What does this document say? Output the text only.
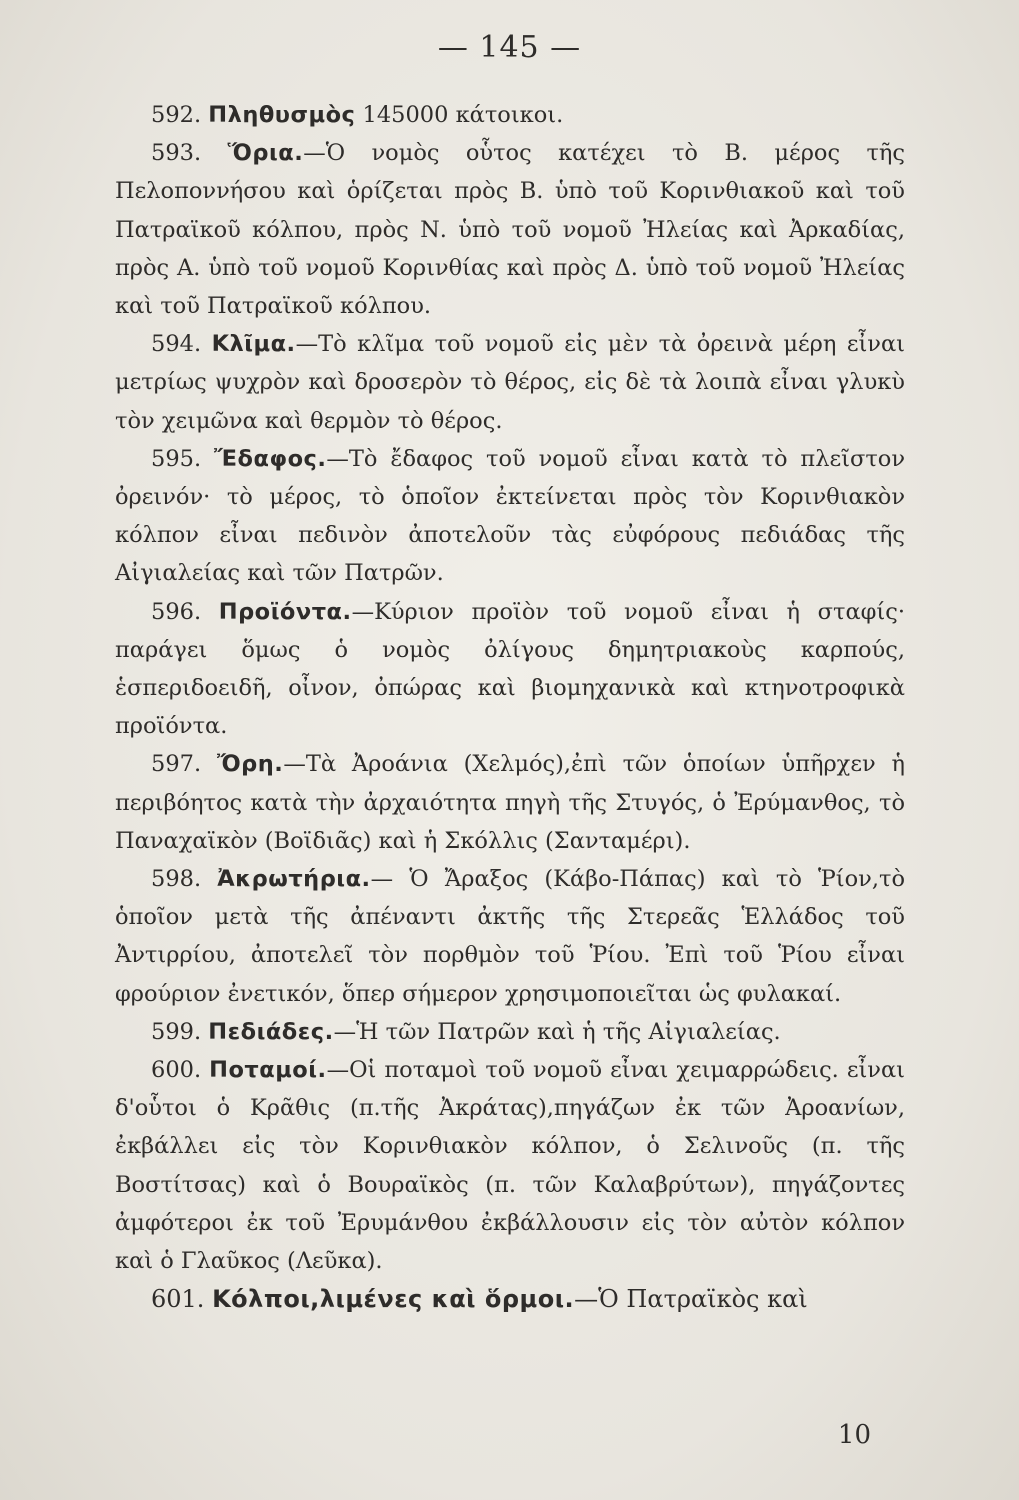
— 145 —

592. Πληθυσμὸς 145000 κάτοικοι.

593. Ὅρια.—Ὁ νομὸς οὗτος κατέχει τὸ Β. μέρος τῆς Πελοποννήσου καὶ ὁρίζεται πρὸς Β. ὑπὸ τοῦ Κορινθιακοῦ καὶ τοῦ Πατραϊκοῦ κόλπου, πρὸς Ν. ὑπὸ τοῦ νομοῦ Ἠλείας καὶ Ἀρκαδίας, πρὸς Α. ὑπὸ τοῦ νομοῦ Κορινθίας καὶ πρὸς Δ. ὑπὸ τοῦ νομοῦ Ἠλείας καὶ τοῦ Πατραϊκοῦ κόλπου.

594. Κλῖμα.—Τὸ κλῖμα τοῦ νομοῦ εἰς μὲν τὰ ὀρεινὰ μέρη εἶναι μετρίως ψυχρὸν καὶ δροσερὸν τὸ θέρος, εἰς δὲ τὰ λοιπὰ εἶναι γλυκὺ τὸν χειμῶνα καὶ θερμὸν τὸ θέρος.

595. Ἔδαφος.—Τὸ ἔδαφος τοῦ νομοῦ εἶναι κατὰ τὸ πλεῖστον ὀρεινόν· τὸ μέρος, τὸ ὁποῖον ἐκτείνεται πρὸς τὸν Κορινθιακὸν κόλπον εἶναι πεδινὸν ἀποτελοῦν τὰς εὐφόρους πεδιάδας τῆς Αἰγιαλείας καὶ τῶν Πατρῶν.

596. Προϊόντα.—Κύριον προϊὸν τοῦ νομοῦ εἶναι ἡ σταφίς· παράγει ὅμως ὁ νομὸς ὀλίγους δημητριακοὺς καρπούς, ἑσπεριδοειδῆ, οἶνον, ὀπώρας καὶ βιομηχανικὰ καὶ κτηνοτροφικὰ προϊόντα.

597. Ὄρη.—Τὰ Ἀροάνια (Χελμός),ἐπὶ τῶν ὁποίων ὑπῆρχεν ἡ περιβόητος κατὰ τὴν ἀρχαιότητα πηγὴ τῆς Στυγός, ὁ Ἐρύμανθος, τὸ Παναχαϊκὸν (Βοϊδιᾶς) καὶ ἡ Σκόλλις (Σανταμέρι).

598. Ἀκρωτήρια.— Ὁ Ἄραξος (Κάβο-Πάπας) καὶ τὸ Ῥίον,τὸ ὁποῖον μετὰ τῆς ἀπέναντι ἀκτῆς τῆς Στερεᾶς Ἑλλάδος τοῦ Ἀντιρρίου, ἀποτελεῖ τὸν πορθμὸν τοῦ Ῥίου. Ἐπὶ τοῦ Ῥίου εἶναι φρούριον ἐνετικόν, ὅπερ σήμερον χρησιμοποιεῖται ὡς φυλακαί.

599. Πεδιάδες.—Ἡ τῶν Πατρῶν καὶ ἡ τῆς Αἰγιαλείας.

600. Ποταμοί.—Οἱ ποταμοὶ τοῦ νομοῦ εἶναι χειμαρρώδεις. εἶναι δ'οὗτοι ὁ Κρᾶθις (π.τῆς Ἀκράτας),πηγάζων ἐκ τῶν Ἀροανίων, ἐκβάλλει εἰς τὸν Κορινθιακὸν κόλπον, ὁ Σελινοῦς (π. τῆς Βοστίτσας) καὶ ὁ Βουραϊκὸς (π. τῶν Καλαβρύτων), πηγάζοντες ἀμφότεροι ἐκ τοῦ Ἐρυμάνθου ἐκβάλλουσιν εἰς τὸν αὐτὸν κόλπον καὶ ὁ Γλαῦκος (Λεῦκα).

601. Κόλποι,λιμένες καὶ ὅρμοι.—Ὁ Πατραϊκὸς καὶ

10
